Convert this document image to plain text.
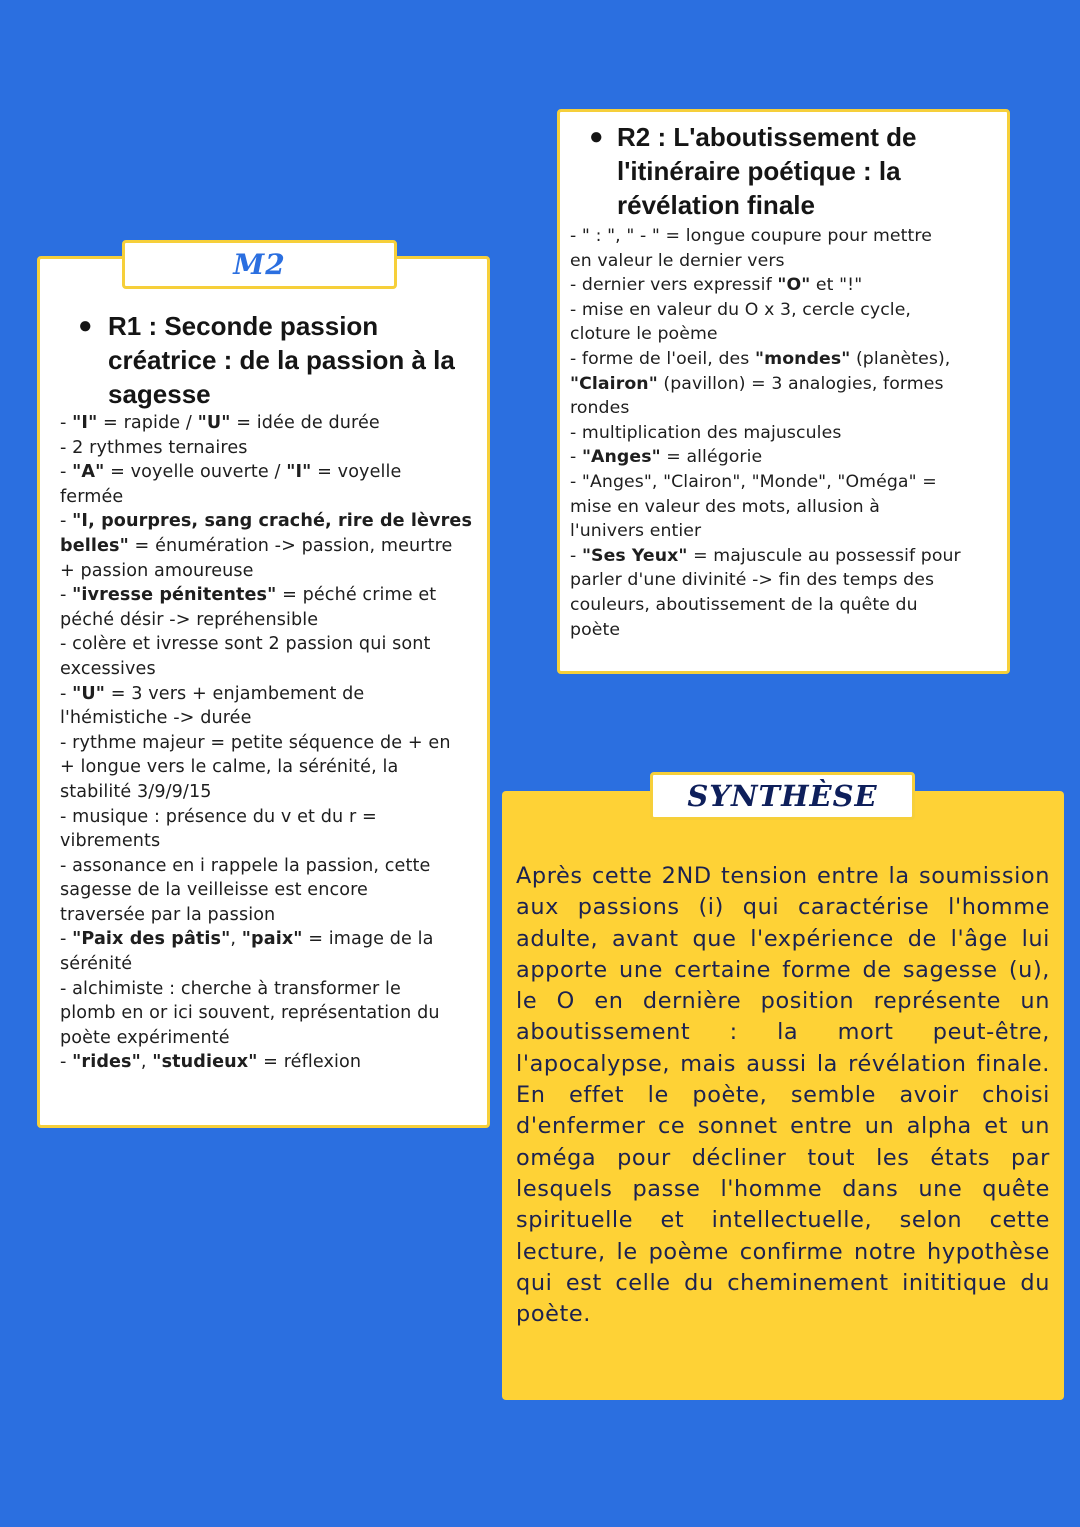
M2
● R1 : Seconde passion
créatrice : de la passion à la
sagesse
- "I" = rapide / "U" = idée de durée
- 2 rythmes ternaires
- "A" = voyelle ouverte / "I" = voyelle
fermée
- "I, pourpres, sang craché, rire de lèvres
belles" = énumération -> passion, meurtre
+ passion amoureuse
- "ivresse pénitentes" = péché crime et
péché désir -> repréhensible
- colère et ivresse sont 2 passion qui sont
excessives
- "U" = 3 vers + enjambement de
l'hémistiche -> durée
- rythme majeur = petite séquence de + en
+ longue vers le calme, la sérénité, la
stabilité 3/9/9/15
- musique : présence du v et du r =
vibrements
- assonance en i rappele la passion, cette
sagesse de la veilleisse est encore
traversée par la passion
- "Paix des pâtis", "paix" = image de la
sérénité
- alchimiste : cherche à transformer le
plomb en or ici souvent, représentation du
poète expérimenté
- "rides", "studieux" = réflexion
● R2 : L'aboutissement de
l'itinéraire poétique : la
révélation finale
- " : ", " - " = longue coupure pour mettre
en valeur le dernier vers
- dernier vers expressif "O" et "!"
- mise en valeur du O x 3, cercle cycle,
cloture le poème
- forme de l'oeil, des "mondes" (planètes),
"Clairon" (pavillon) = 3 analogies, formes
rondes
- multiplication des majuscules
- "Anges" = allégorie
- "Anges", "Clairon", "Monde", "Oméga" =
mise en valeur des mots, allusion à
l'univers entier
- "Ses Yeux" = majuscule au possessif pour
parler d'une divinité -> fin des temps des
couleurs, aboutissement de la quête du
poète
SYNTHÈSE

Après cette 2ND tension entre la soumission aux passions (i) qui caractérise l'homme adulte, avant que l'expérience de l'âge lui apporte une certaine forme de sagesse (u), le O en dernière position représente un aboutissement : la mort peut-être, l'apocalypse, mais aussi la révélation finale. En effet le poète, semble avoir choisi d'enfermer ce sonnet entre un alpha et un oméga pour décliner tout les états par lesquels passe l'homme dans une quête spirituelle et intellectuelle, selon cette lecture, le poème confirme notre hypothèse qui est celle du cheminement inititique du poète.
